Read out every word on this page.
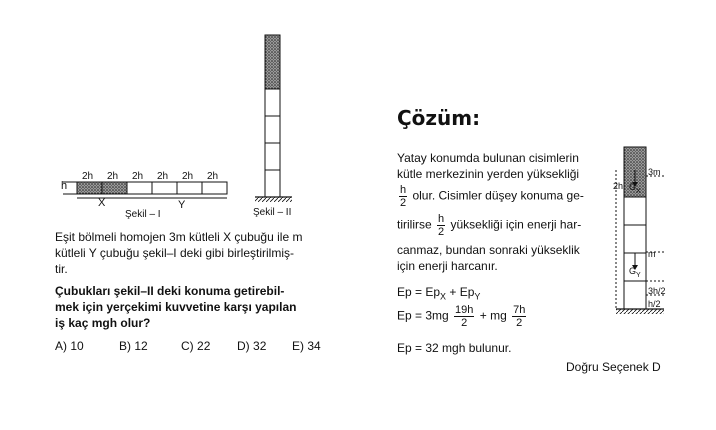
2h 2h 2h 2h 2h 2h
h
X	Y
Şekil – I	Şekil – II
Eşit bölmeli homojen 3m kütleli X çubuğu ile m
kütleli Y çubuğu şekil–I deki gibi birleştirilmiş-
tir.
Çubukları şekil–II deki konuma getirebil-
mek için yerçekimi kuvvetine karşı yapılan
iş kaç mgh olur?
A) 10	B) 12	C) 22 D) 32 E) 34
Çözüm:
Yatay konumda bulunan cisimlerin
kütle merkezinin yerden yüksekliği
$\frac{h}{2}$ olur. Cisimler düşey konuma ge-
tirilirse $\frac{h}{2}$ yüksekliği için enerji har-
canmaz, bundan sonraki yükseklik
için enerji harcanır.
$Ep = Ep_X + Ep_Y$
$Ep = 3mg \frac{19h}{2}$ + mg $\frac{7h}{2}$
Ep = 32 mgh bulunur.
Doğru Seçenek D
3m
2h $G_X$
m
$G_Y$
3h/2
h/2
